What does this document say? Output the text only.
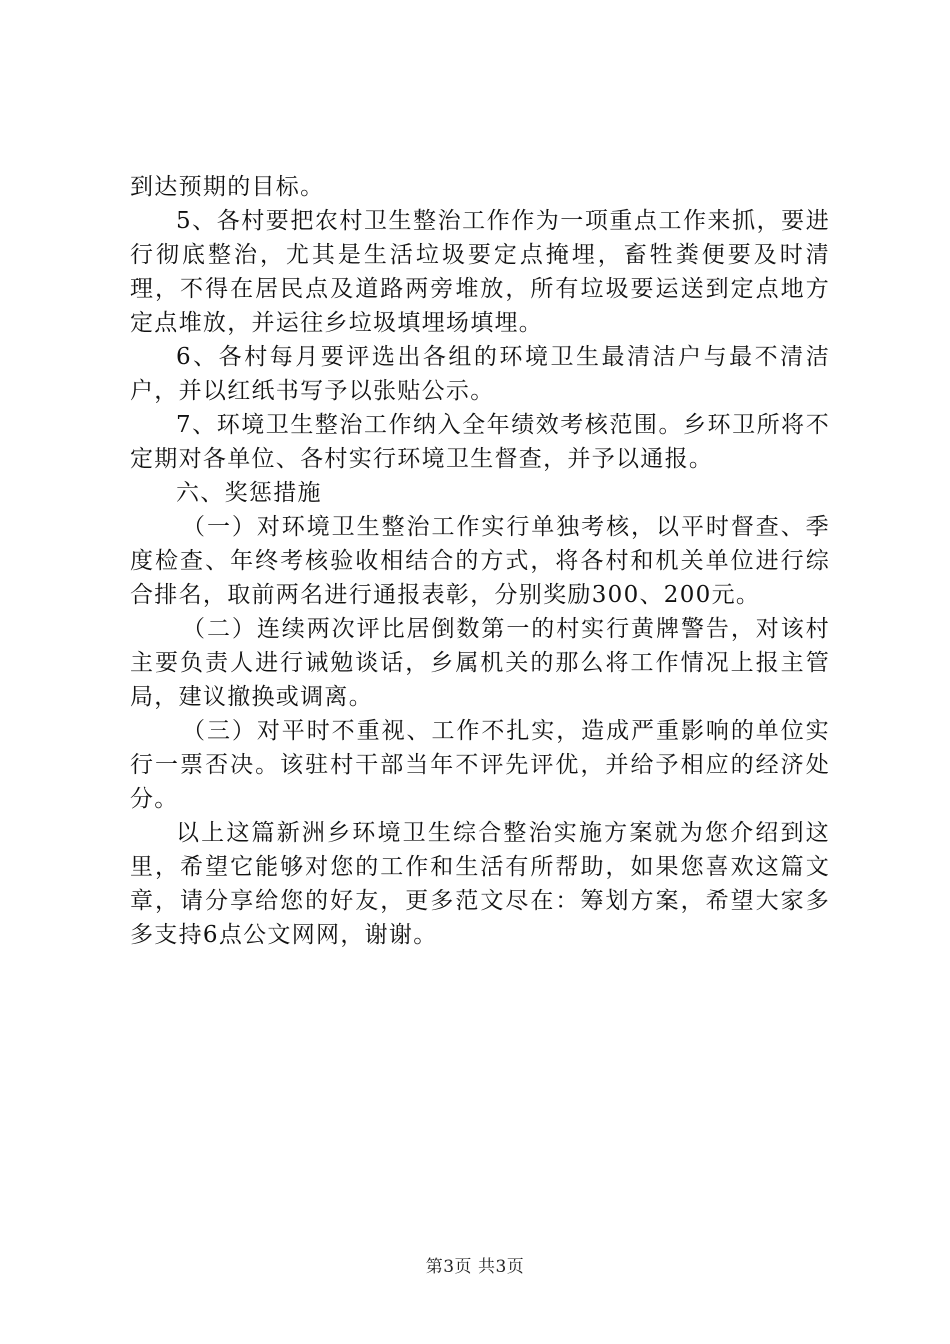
到达预期的目标。

5、各村要把农村卫生整治工作作为一项重点工作来抓，要进行彻底整治，尤其是生活垃圾要定点掩埋，畜牲粪便要及时清理，不得在居民点及道路两旁堆放，所有垃圾要运送到定点地方定点堆放，并运往乡垃圾填埋场填埋。

6、各村每月要评选出各组的环境卫生最清洁户与最不清洁户，并以红纸书写予以张贴公示。

7、环境卫生整治工作纳入全年绩效考核范围。乡环卫所将不定期对各单位、各村实行环境卫生督查，并予以通报。

六、奖惩措施

（一）对环境卫生整治工作实行单独考核，以平时督查、季度检查、年终考核验收相结合的方式，将各村和机关单位进行综合排名，取前两名进行通报表彰，分别奖励300、200元。

（二）连续两次评比居倒数第一的村实行黄牌警告，对该村主要负责人进行诫勉谈话，乡属机关的那么将工作情况上报主管局，建议撤换或调离。

（三）对平时不重视、工作不扎实，造成严重影响的单位实行一票否决。该驻村干部当年不评先评优，并给予相应的经济处分。

以上这篇新洲乡环境卫生综合整治实施方案就为您介绍到这里，希望它能够对您的工作和生活有所帮助，如果您喜欢这篇文章，请分享给您的好友，更多范文尽在：筹划方案，希望大家多多支持6点公文网网，谢谢。

第3页 共3页
